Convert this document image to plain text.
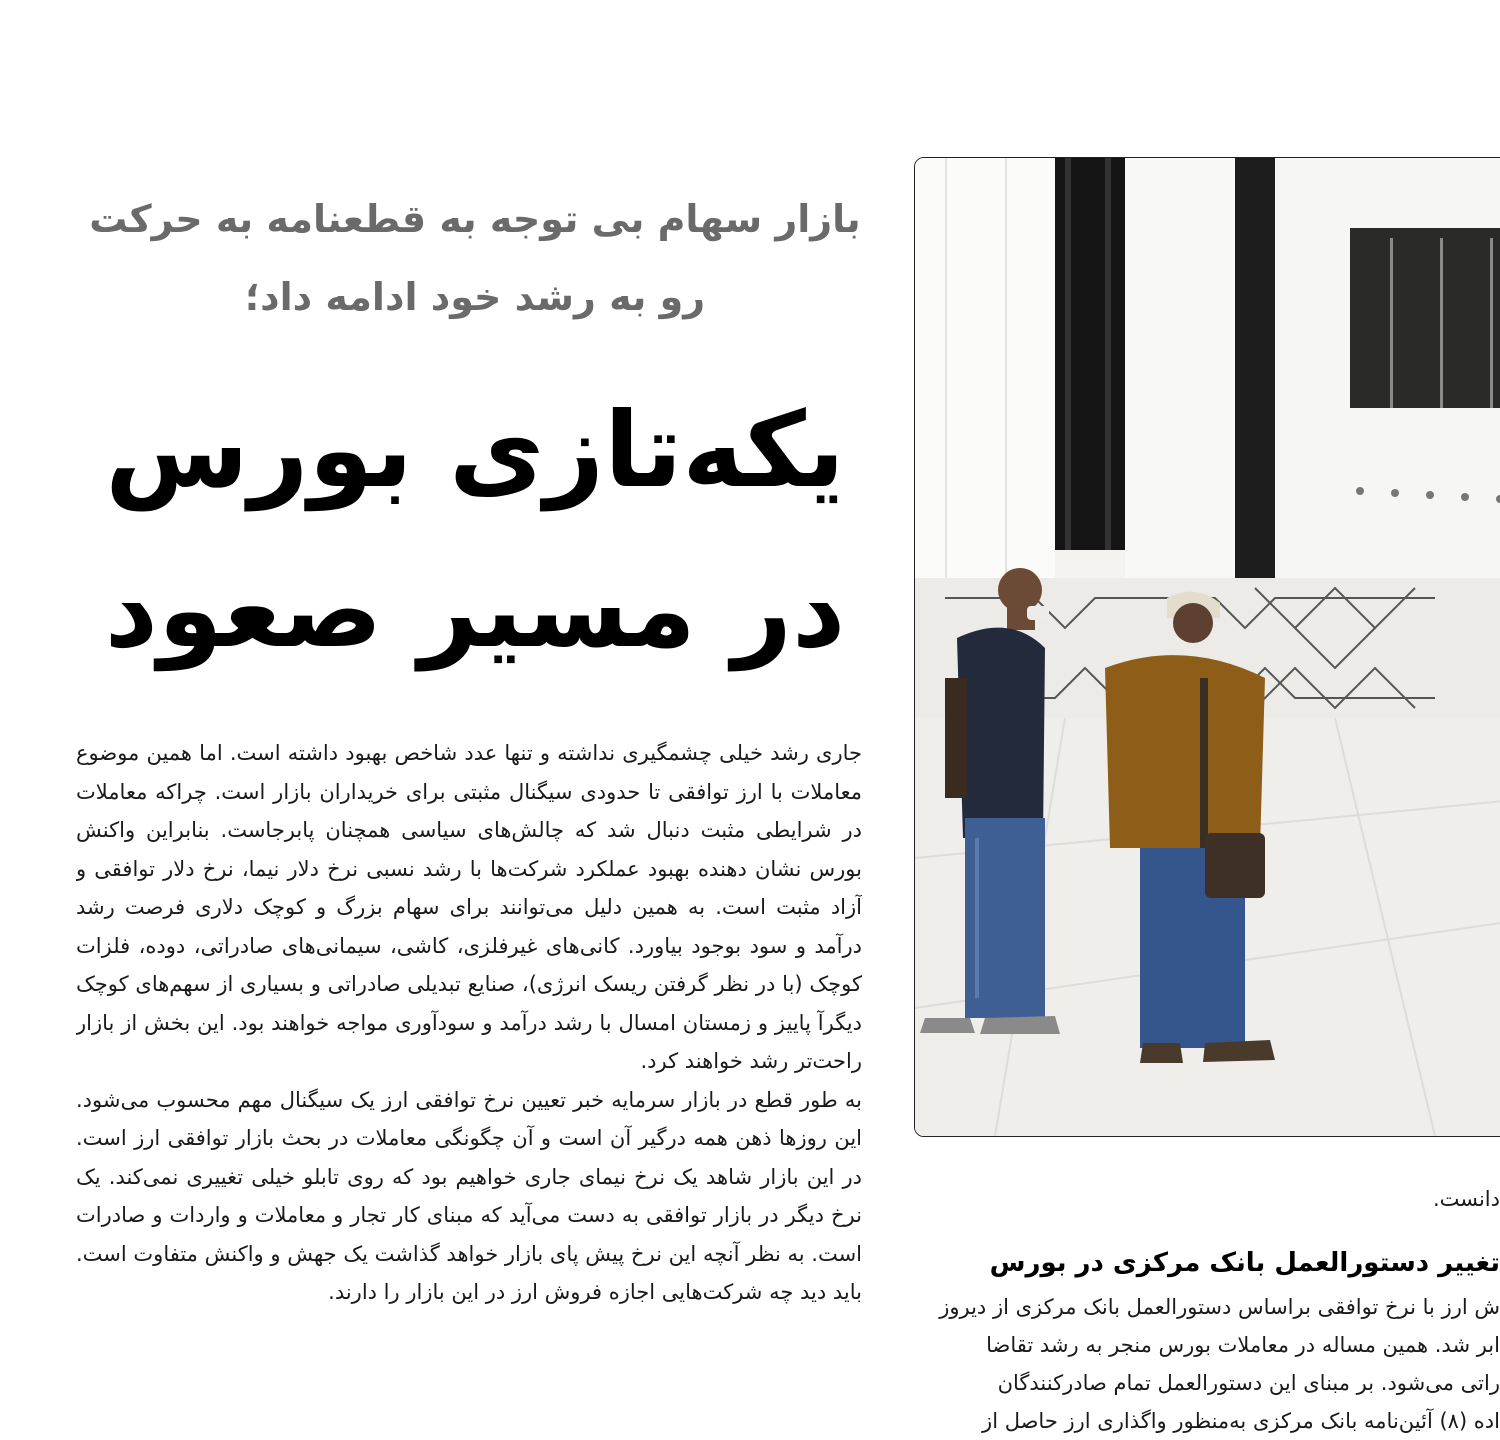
بازار سهام بی توجه به قطعنامه به حرکت رو به رشد خود ادامه داد؛
یکه‌تازی بورس
در مسیر صعود

جاری رشد خیلی چشمگیری نداشته و تنها عدد شاخص بهبود داشته است. اما همین موضوع معاملات با ارز توافقی تا حدودی سیگنال مثبتی برای خریداران بازار است. چراکه معاملات در شرایطی مثبت دنبال شد که چالش‌های سیاسی همچنان پابرجاست. بنابراین واکنش بورس نشان دهنده بهبود عملکرد شرکت‌ها با رشد نسبی نرخ دلار نیما، نرخ دلار توافقی و آزاد مثبت است. به همین دلیل می‌توانند برای سهام بزرگ و کوچک دلاری فرصت رشد درآمد و سود بوجود بیاورد. کانی‌های غیرفلزی، کاشی، سیمانی‌های صادراتی، دوده، فلزات کوچک (با در نظر گرفتن ریسک انرژی)، صنایع تبدیلی صادراتی و بسیاری از سهم‌های کوچک دیگرآ پاییز و زمستان امسال با رشد درآمد و سودآوری مواجه خواهند بود. این بخش از بازار راحت‌تر رشد خواهند کرد.

به طور قطع در بازار سرمایه خبر تعیین نرخ توافقی ارز یک سیگنال مهم محسوب می‌شود. این روزها ذهن همه درگیر آن است و آن چگونگی معاملات در بحث بازار توافقی ارز است. در این بازار شاهد یک نرخ نیمای جاری خواهیم بود که روی تابلو خیلی تغییری نمی‌کند. یک نرخ دیگر در بازار توافقی به دست می‌آید که مبنای کار تجار و معاملات و واردات و صادرات است. به نظر آنچه این نرخ پیش پای بازار خواهد گذاشت یک جهش و واکنش متفاوت است. باید دید چه شرکت‌هایی اجازه فروش ارز در این بازار را دارند.

دانست.
تغییر دستورالعمل بانک مرکزی در بورس
ش ارز با نرخ توافقی براساس دستورالعمل بانک مرکزی از دیروز
ابر شد. همین مساله در معاملات بورس منجر به رشد تقاضا
راتی می‌شود. بر مبنای این دستورالعمل تمام صادرکنندگان
اده (۸) آئین‌نامه بانک مرکزی به‌منظور واگذاری ارز حاصل از
